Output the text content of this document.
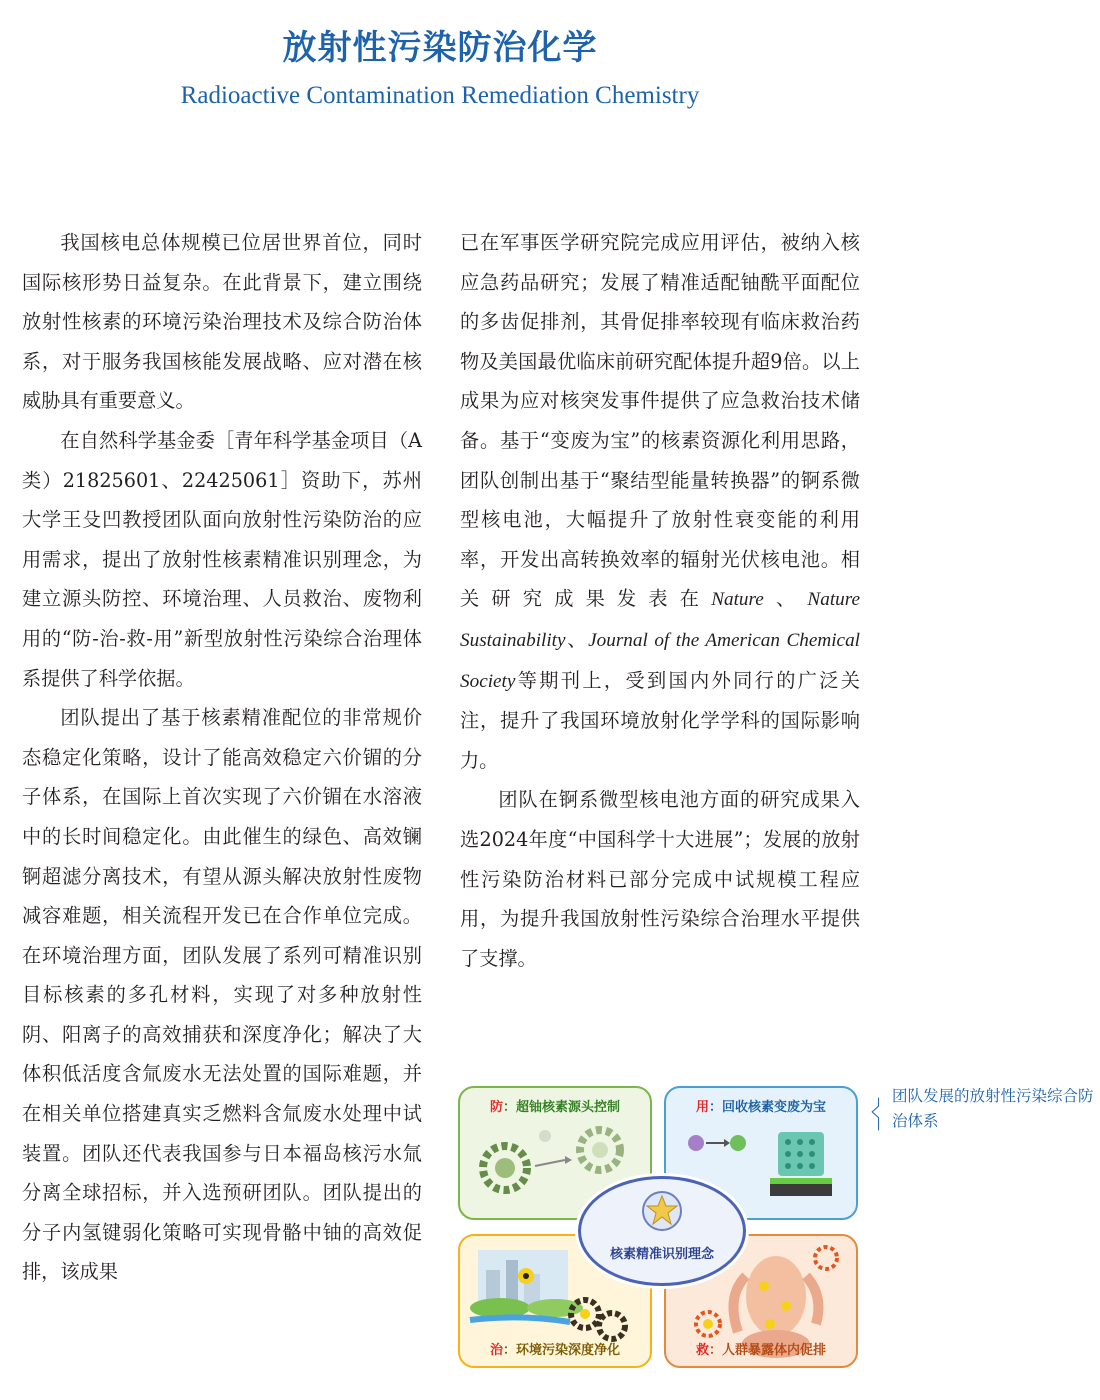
放射性污染防治化学
Radioactive Contamination Remediation Chemistry

我国核电总体规模已位居世界首位，同时国际核形势日益复杂。在此背景下，建立围绕放射性核素的环境污染治理技术及综合防治体系，对于服务我国核能发展战略、应对潜在核威胁具有重要意义。

在自然科学基金委［青年科学基金项目（A类）21825601、22425061］资助下，苏州大学王殳凹教授团队面向放射性污染防治的应用需求，提出了放射性核素精准识别理念，为建立源头防控、环境治理、人员救治、废物利用的“防-治-救-用”新型放射性污染综合治理体系提供了科学依据。

团队提出了基于核素精准配位的非常规价态稳定化策略，设计了能高效稳定六价镅的分子体系，在国际上首次实现了六价镅在水溶液中的长时间稳定化。由此催生的绿色、高效镧锕超滤分离技术，有望从源头解决放射性废物减容难题，相关流程开发已在合作单位完成。在环境治理方面，团队发展了系列可精准识别目标核素的多孔材料，实现了对多种放射性阴、阳离子的高效捕获和深度净化；解决了大体积低活度含氚废水无法处置的国际难题，并在相关单位搭建真实乏燃料含氚废水处理中试装置。团队还代表我国参与日本福岛核污水氚分离全球招标，并入选预研团队。团队提出的分子内氢键弱化策略可实现骨骼中铀的高效促排，该成果

已在军事医学研究院完成应用评估，被纳入核应急药品研究；发展了精准适配铀酰平面配位的多齿促排剂，其骨促排率较现有临床救治药物及美国最优临床前研究配体提升超9倍。以上成果为应对核突发事件提供了应急救治技术储备。基于“变废为宝”的核素资源化利用思路，团队创制出基于“聚结型能量转换器”的锕系微型核电池，大幅提升了放射性衰变能的利用率，开发出高转换效率的辐射光伏核电池。相关研究成果发表在Nature、Nature Sustainability、Journal of the American Chemical Society等期刊上，受到国内外同行的广泛关注，提升了我国环境放射化学学科的国际影响力。

团队在锕系微型核电池方面的研究成果入选2024年度“中国科学十大进展”；发展的放射性污染防治材料已部分完成中试规模工程应用，为提升我国放射性污染综合治理水平提供了支撑。

防：超铀核素源头控制	用：回收核素变废为宝
治：环境污染深度净化	救：人群暴露体内促排
核素精准识别理念
团队发展的放射性污染综合防治体系
